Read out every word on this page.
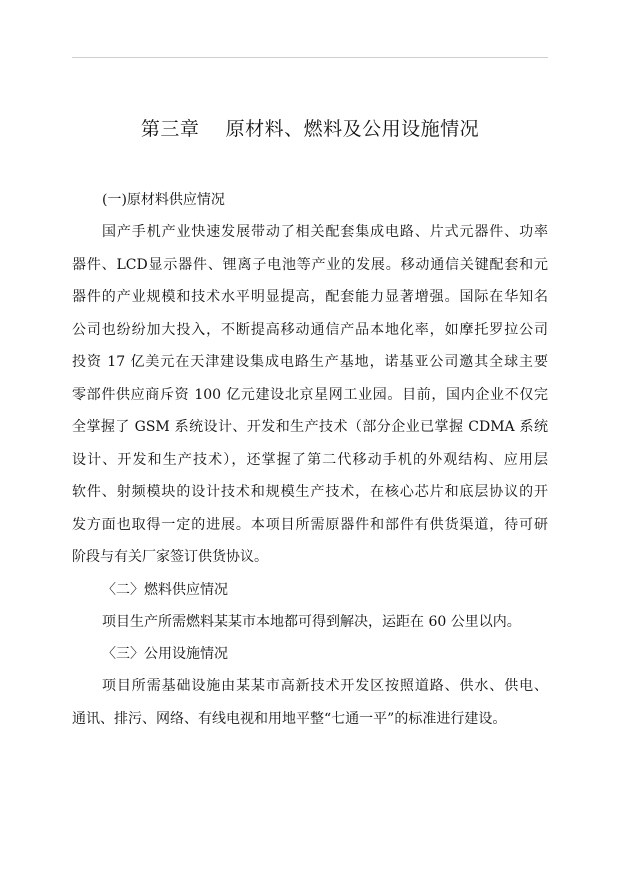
第三章    原材料、燃料及公用设施情况
(一)原材料供应情况
国产手机产业快速发展带动了相关配套集成电路、片式元器件、功率
器件、LCD显示器件、锂离子电池等产业的发展。移动通信关键配套和元
器件的产业规模和技术水平明显提高，配套能力显著增强。国际在华知名
公司也纷纷加大投入，不断提高移动通信产品本地化率，如摩托罗拉公司
投资 17 亿美元在天津建设集成电路生产基地，诺基亚公司邀其全球主要
零部件供应商斥资 100 亿元建设北京星网工业园。目前，国内企业不仅完
全掌握了 GSM 系统设计、开发和生产技术（部分企业已掌握 CDMA 系统
设计、开发和生产技术），还掌握了第二代移动手机的外观结构、应用层
软件、射频模块的设计技术和规模生产技术，在核心芯片和底层协议的开
发方面也取得一定的进展。本项目所需原器件和部件有供货渠道，待可研
阶段与有关厂家签订供货协议。
〈二〉燃料供应情况
项目生产所需燃料某某市本地都可得到解决，运距在 60 公里以内。
〈三〉公用设施情况
项目所需基础设施由某某市高新技术开发区按照道路、供水、供电、
通讯、排污、网络、有线电视和用地平整“七通一平”的标准进行建设。
